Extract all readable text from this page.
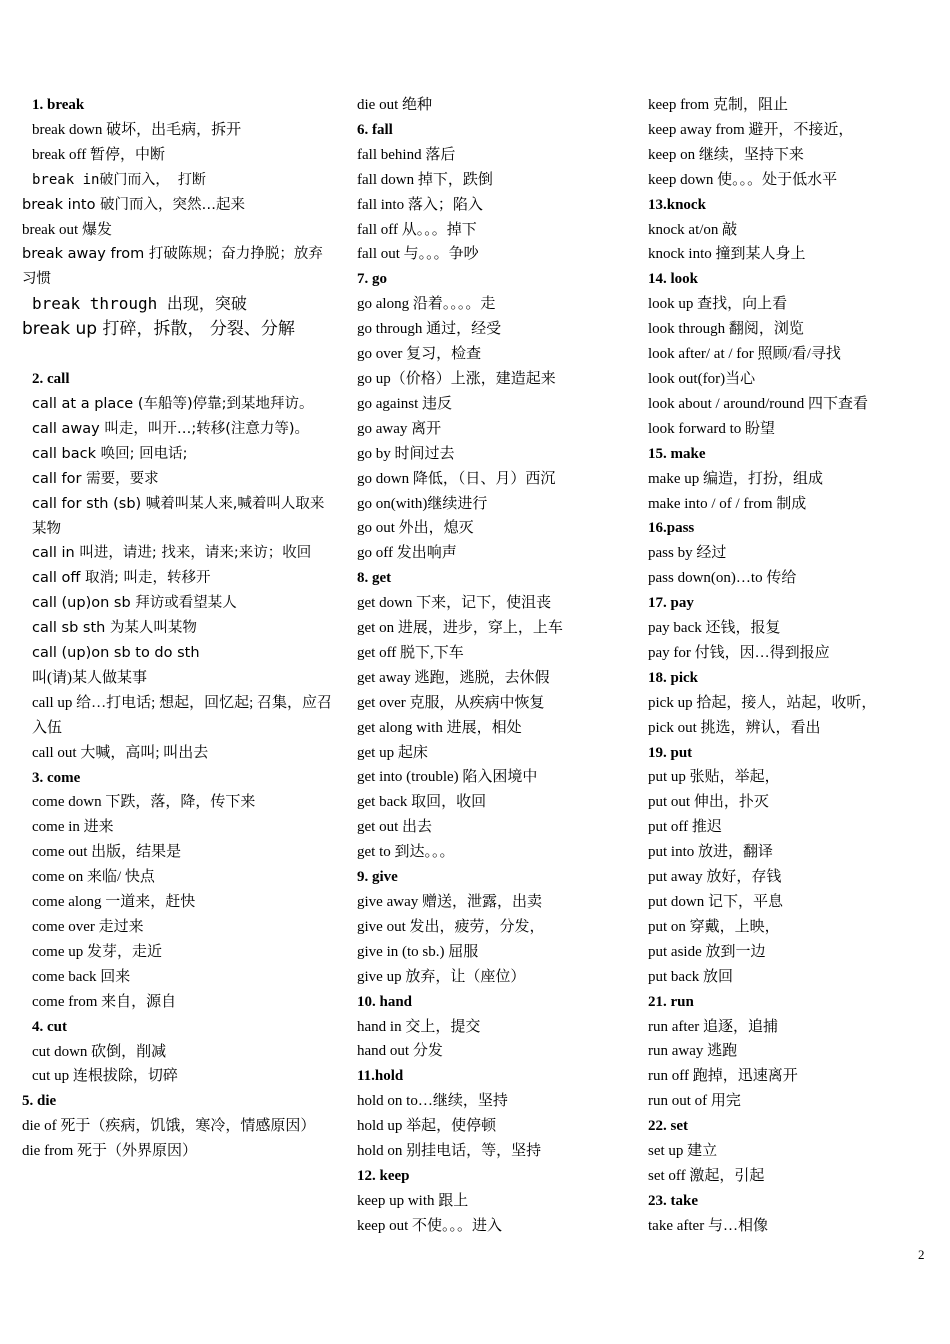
1. break
break down 破坏，出毛病，拆开
break off 暂停，中断
break in破门而入， 打断
break into 破门而入，突然…起来
break out 爆发
break away from 打破陈规；奋力挣脱；放弃习惯
break through 出现，突破
break up 打碎，拆散， 分裂、分解
2. call
call at a place (车船等)停靠;到某地拜访。
call away 叫走，叫开…;转移(注意力等)。
call back 唤回; 回电话;
call for 需要，要求
call for sth (sb) 喊着叫某人来,喊着叫人取来某物
call in 叫进，请进; 找来，请来;来访；收回
call off 取消; 叫走，转移开
call (up)on sb 拜访或看望某人
call sb sth 为某人叫某物
call (up)on sb to do sth
叫(请)某人做某事
call up 给…打电话; 想起，回忆起; 召集，应召入伍
call out 大喊，高叫; 叫出去
3. come
come down 下跌，落，降，传下来
come in 进来
come out 出版，结果是
come on 来临/ 快点
come along 一道来，赶快
come over 走过来
come up 发芽，走近
come back 回来
come from 来自，源自
4. cut
cut down 砍倒，削减
cut up 连根拔除，切碎
5. die
die of 死于（疾病，饥饿，寒冷，情感原因）
die from 死于（外界原因）
die out 绝种
6. fall
fall behind 落后
fall down 掉下，跌倒
fall into 落入；陷入
fall off 从。。。掉下
fall out 与。。。争吵
7. go
go along 沿着。。。。走
go through 通过，经受
go over 复习，检查
go up（价格）上涨，建造起来
go against 违反
go away 离开
go by 时间过去
go down 降低，（日、月）西沉
go on(with)继续进行
go out 外出，熄灭
go off 发出响声
8. get
get down 下来，记下，使沮丧
get on 进展，进步，穿上，上车
get off 脱下,下车
get away 逃跑，逃脱，去休假
get over 克服，从疾病中恢复
get along with 进展，相处
get up 起床
get into (trouble) 陷入困境中
get back 取回，收回
get out 出去
get to 到达。。。
9. give
give away 赠送，泄露，出卖
give out 发出，疲劳，分发，
give in (to sb.) 屈服
give up 放弃，让（座位）
10. hand
hand in 交上，提交
hand out 分发
11.hold
hold on to…继续，坚持
hold up 举起，使停顿
hold on 别挂电话，等，坚持
12. keep
keep up with 跟上
keep out 不使。。。进入
keep from 克制，阻止
keep away from 避开，不接近，
keep on 继续，坚持下来
keep down 使。。。处于低水平
13.knock
knock at/on 敲
knock into 撞到某人身上
14. look
look up 查找，向上看
look through 翻阅，浏览
look after/ at / for 照顾/看/寻找
look out(for)当心
look about / around/round 四下查看
look forward to 盼望
15. make
make up 编造，打扮，组成
make into / of / from 制成
16.pass
pass by 经过
pass down(on)…to 传给
17. pay
pay back 还钱，报复
pay for 付钱，因…得到报应
18. pick
pick up 拾起，接人，站起，收听，
pick out 挑选，辨认，看出
19. put
put up 张贴，举起，
put out 伸出，扑灭
put off 推迟
put into 放进，翻译
put away 放好，存钱
put down 记下，平息
put on 穿戴，上映，
put aside 放到一边
put back 放回
21. run
run after 追逐，追捕
run away 逃跑
run off 跑掉，迅速离开
run out of 用完
22. set
set up 建立
set off 激起，引起
23. take
take after 与…相像
2
